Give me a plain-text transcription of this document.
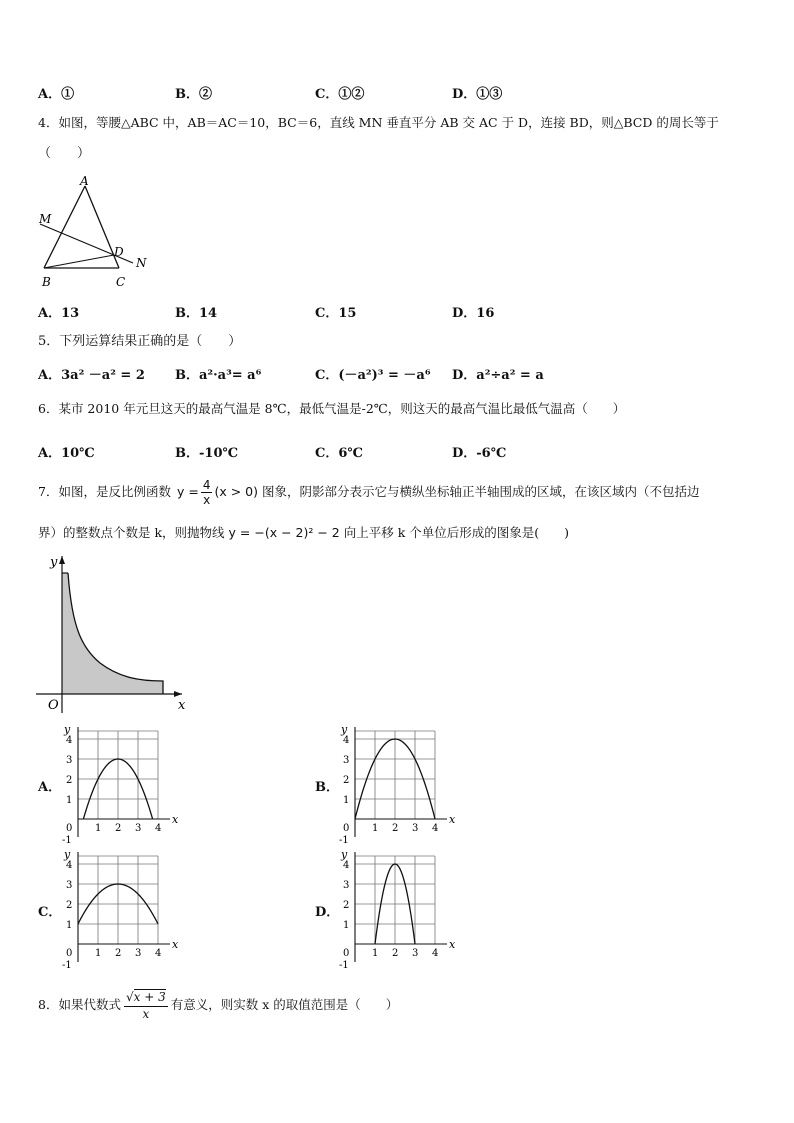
A．①	B．②	C．①②	D．①③
4．如图，等腰△ABC 中，AB＝AC＝10，BC＝6，直线 MN 垂直平分 AB 交 AC 于 D，连接 BD，则△BCD 的周长等于
（　　）
A
M
D
N
B	C
A．13	B．14	C．15	D．16
5．下列运算结果正确的是（　　）
A．3a² －a² = 2 B．a²·a³= a⁶	C．(－a²)³ = －a⁶ D．a²÷a² = a
6．某市 2010 年元旦这天的最高气温是 8℃，最低气温是-2℃，则这天的最高气温比最低气温高（　　）
A．10℃	B．-10℃	C．6℃	D．-6℃
7．如图，是反比例函数 $y = \frac{4}{x} (x > 0)$ 图象，阴影部分表示它与横纵坐标轴正半轴围成的区域，在该区域内（不包括边
界）的整数点个数是 k，则抛物线 y = −(x − 2)² − 2 向上平移 k 个单位后形成的图象是(　　)
y
x
O
A．
1 2 3 4
4
3
2
1
0
-1
x
y
B．
1 2 3 4
4
3
2
1
0
-1
x
y
C．
1 2 3 4
4
3
2
1
0
-1
x
y
D．
1 2 3 4
4
3
2
1
0
-1
x
y
8．如果代数式 $\frac{√x + 3}{x}$ 有意义，则实数 x 的取值范围是（　　）
